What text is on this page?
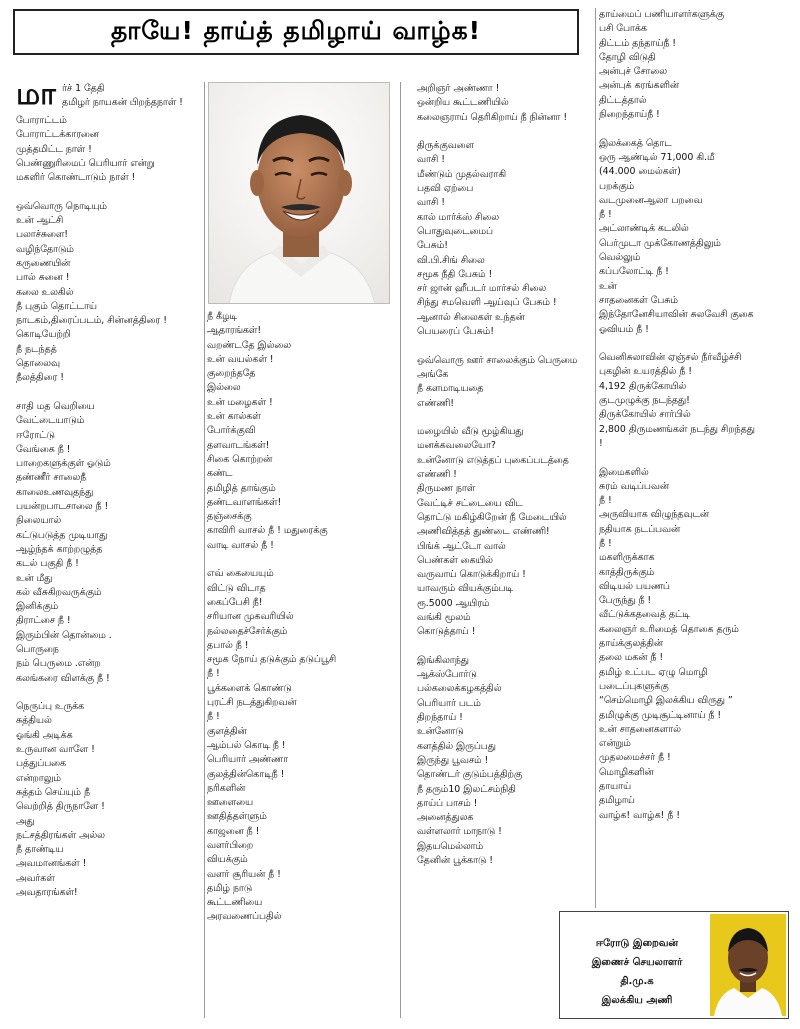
தாயே! தாய்த் தமிழாய் வாழ்க!
மா ர்ச் 1 தேதி
தமிழர் நாயகன் பிறந்தநாள் !
போராட்டம்
போராட்டக்காரனை
முத்தமிட்ட நாள் !
பெண்ணுரிமைப் பெரியார் என்று
மகளிர் கொண்டாடும் நாள் !
ஒவ்வொரு நொடியும்
உன் ஆட்சி
பலாச்சுளை!
வழிந்தோடும்
கருணையின்
பால் சுனை !
கலை உலகில்
நீ புகும் தொட்டாய்
நாடகம்,திரைப்படம், சின்னத்திரை !
கொடியேற்றி
நீ நடந்தத்
தொலைவு
நீலத்திரை !
சாதி மத வெறியை
வேட்டையாடும்
ஈரோட்டு
வேங்கை நீ !
பாறைகளுக்குள் ஓடும்
தண்ணீர் சாலைநீ
காலைஉணவுதந்து
பயன்றபாடசாலை நீ !
நிலையால்
கட்டுபடுத்த முடியாது
ஆழ்ந்தக் காற்றழுத்த
கடல் பகுதி நீ !
உன் மீது
கல் வீசுகிறவருக்கும்
இனிக்கும்
திராட்சை நீ !
இரும்பின் தொன்மை .
பொருநை
நம் பெருமை .என்ற
கலங்கரை விளக்கு நீ !
நெருப்பு உருக்க
சுத்தியல்
ஓங்கி அடிக்க
உருவான வாளே !
பத்துப்பகை
என்றாலும்
சுத்தம் செய்யும் நீ
வெற்றித் திருநாளே !
அது
நட்சத்திரங்கள் அல்ல
நீ தாண்டிய
அவமானங்கள் !
அவர்கள்
அவதாரங்கள்!
நீ கீழடி
ஆதாரங்கள்!
வறண்டதே இல்லை
உன் வயல்கள் !
குறைந்ததே
இல்லை
உன் மழைகள் !
உன் கால்கள்
போர்க்குவி
தளவாடங்கள்!
சிகை கொற்றன்
கண்ட
தமிழித் தாங்கும்
தண்டவாளங்கள்!
தஞ்சைக்கு
காவிரி வாசல் நீ ! மதுரைக்கு
வாடி வாசல் நீ !
எவ் கையையும்
விட்டு விடாத
கைப்பேசி நீ!
சரியான முகவரியில்
நல்லதைச்சேர்க்கும்
தபால் நீ !
சமூக நோய் தடுக்கும் தடுப்பூசி
நீ !
பூக்களைக் கொண்டு
புரட்சி நடத்துகிறவன்
நீ !
குளத்தின்
ஆம்பல் கொடி நீ !
பெரியார் அண்ணா
குலத்தின்கொடிநீ !
நரிகளின்
ஊளையை
ஊதித்தள்ளும்
காஜனை நீ !
வளர்பிறை
வியக்கும்
வளர் சூரியன் நீ !
தமிழ் நாடு
கூட்டணியை
அரவணைப்பதில்
அறிஞர் அண்ணா !
ஒன்றிய கூட்டணியில்
கலைஞராய் தெரிகிறாய் நீ நின்னா !
திருக்குவளை
வாசி !
மீண்டும் முதல்வராகி
பதவி ஏற்பை
வாசி !
கால் மார்க்ஸ் சிலை
பொதுவுடைமைப்
பேசும்!
வி.பி.சிங் சிலை
சமூக நீதி பேசும் !
சர் ஜான் ஹீபடர் மார்சல் சிலை
சிந்து சமவெளி ஆய்வுப் பேசும் !
ஆனால் சிலைகள் உந்தன்
பெயரைப் பேசும்!
ஒவ்வொரு ஊர் சாலைக்கும் பெருமை
அங்கே
நீ களமாடியதை
எண்ணி!
மழையில் வீடு மூழ்கியது
மனக்கவலையோ?
உன்னோடு எடுத்தப் புகைப்படத்தை
எண்ணி !
திருமண நாள்
வேட்டிச் சட்டையை விட
தொட்டு மகிழ்கிறேன் நீ மேடையில்
அணிவித்தத் துண்டை எண்ணி!
பிங்க் ஆட்டோ வால்
பெண்கள் கையில்
வருவாய் கொடுக்கிறாய் !
யாவரும் வியக்கும்படி
ரூ.5000 ஆயிரம்
வங்கி மூலம்
கொடுத்தாய் !
இங்கிலாந்து
ஆக்ஸ்போர்டு
பல்கலைக்கழகத்தில்
பெரியார் படம்
திறந்தாய் !
உன்னோடு
களத்தில் இருப்பது
இருந்து பூவசம் !
தொண்டர் குடும்பத்திற்கு
நீ தரும்10 இலட்சம்நிதி
தாய்ப் பாசம் !
அனைத்துலக
வள்ளலார் மாநாடு !
இதயமெல்லாம்
தேனின் பூக்காடு !
தாய்மைப் பணியாளர்களுக்கு
பசி போக்க
திட்டம் தந்தாய்நீ !
தோழி விடுதி
அன்புச் சோலை
அன்புக் கரங்களின்
திட்டத்தால்
நிறைந்தாய்நீ !
இலக்கைத் தொட
ஒரு ஆண்டில் 71,000 கி.மீ
(44.000 மைல்கள்)
பறக்கும்
வடமுனைஆலா பறவை
நீ !
அட்லாண்டிக் கடலில்
பெர்முடா முக்கோணத்திலும்
வெல்லும்
கப்பலோட்டி நீ !
உன்
சாதனைகள் பேசும்
இந்தோனேசியாவின் சுலவேசி குகை
ஓவியம் நீ !
வெனிசுலாவின் ஏஞ்சல் நீர்வீழ்ச்சி
புகழின் உயரத்தில் நீ !
4,192 திருக்கோயில்
குடமுழுக்கு நடந்தது!
திருக்கோயில் சார்பில்
2,800 திருமணங்கள் நடந்து சிறந்தது
!
இமைகளில்
சுரம் வடிப்பவன்
நீ !
அருவியாக விழுந்தவுடன்
நதியாக நடப்பவன்
நீ !
மகளிருக்காக
காத்திருக்கும்
விடியல் பயணப்
பேருந்து நீ !
வீட்டுக்கதவைத் தட்டி
கலைஞர் உரிமைத் தொகை தரும்
தாய்க்குலத்தின்
தலை மகன் நீ !
தமிழ் உட்பட ஏழு மொழி
படைப்புகளுக்கு
“செம்மொழி இலக்கிய விருது ”
தமிழுக்கு முடிசூட்டினாய் நீ !
உன் சாதனைகளால்
என்றும்
முதலமைச்சர் நீ !
மொழிகளின்
தாயாய்
தமிழாய்
வாழ்க! வாழ்க! நீ !
ஈரோடு இறைவன்
இணைச் செயலாளர்
தி.மு.க
இலக்கிய அணி
